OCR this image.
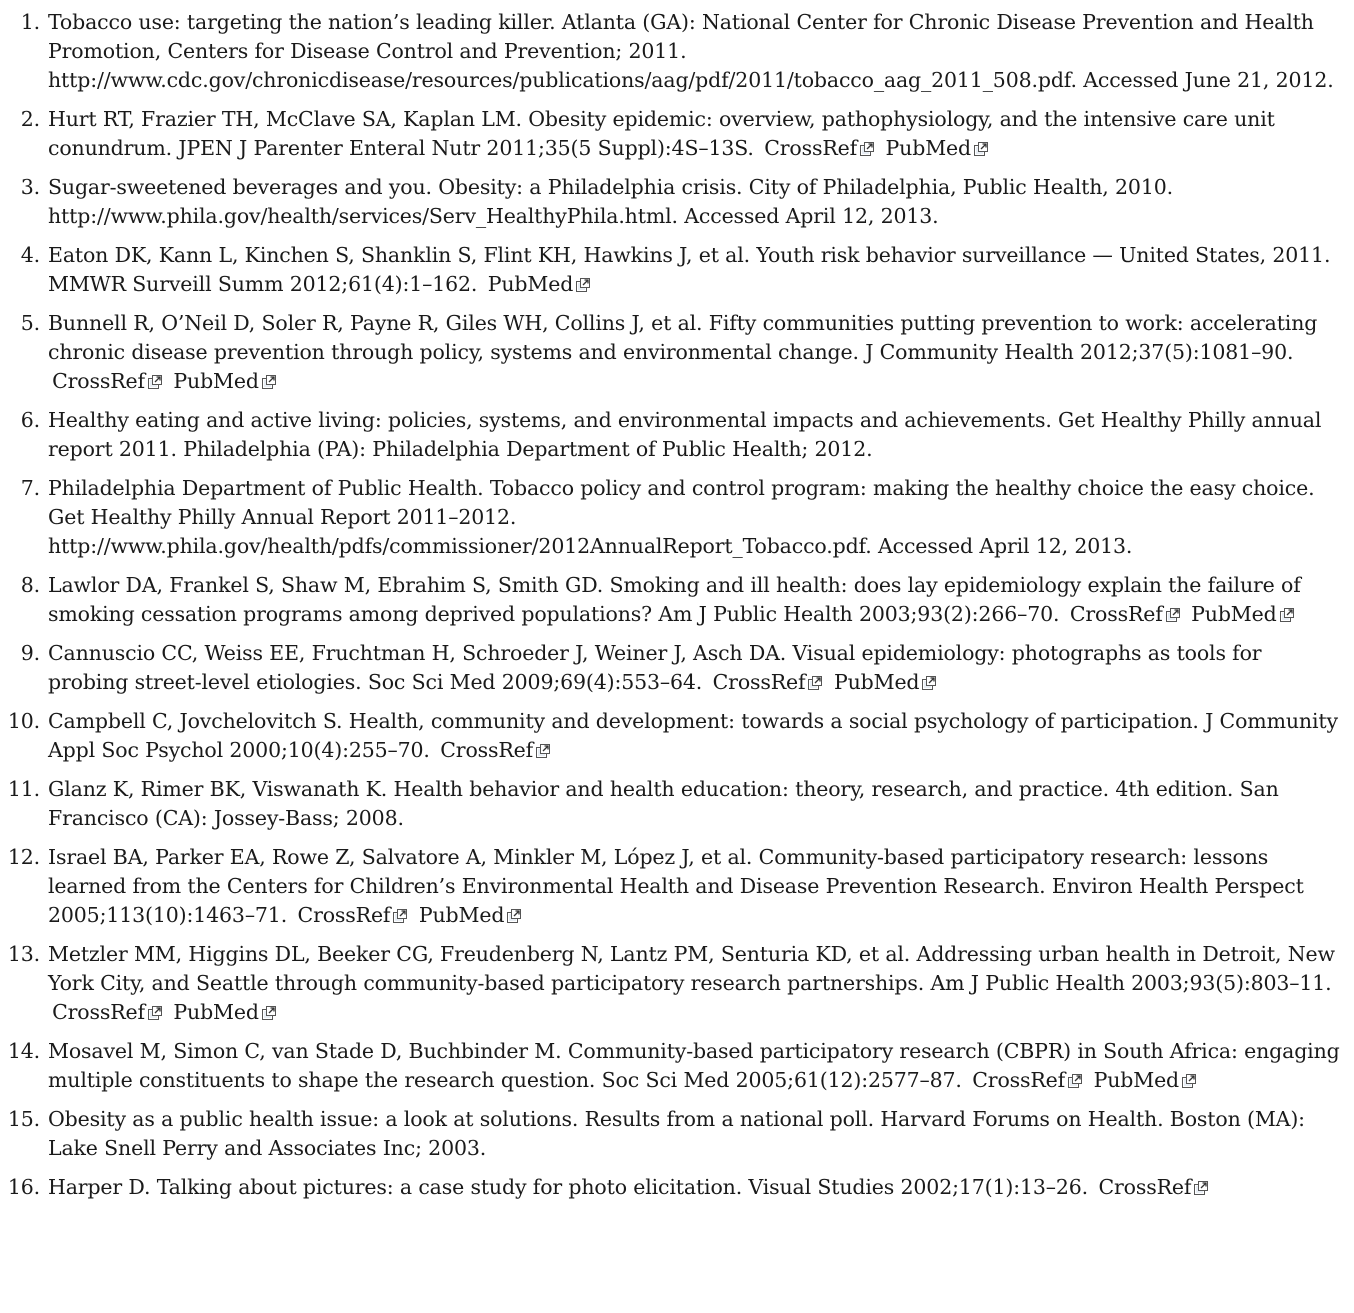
1. Tobacco use: targeting the nation’s leading killer. Atlanta (GA): National Center for Chronic Disease Prevention and Health Promotion, Centers for Disease Control and Prevention; 2011. http://www.cdc.gov/chronicdisease/resources/publications/aag/pdf/2011/tobacco_aag_2011_508.pdf. Accessed June 21, 2012.
2. Hurt RT, Frazier TH, McClave SA, Kaplan LM. Obesity epidemic: overview, pathophysiology, and the intensive care unit conundrum. JPEN J Parenter Enteral Nutr 2011;35(5 Suppl):4S–13S. CrossRef PubMed
3. Sugar-sweetened beverages and you. Obesity: a Philadelphia crisis. City of Philadelphia, Public Health, 2010. http://www.phila.gov/health/services/Serv_HealthyPhila.html. Accessed April 12, 2013.
4. Eaton DK, Kann L, Kinchen S, Shanklin S, Flint KH, Hawkins J, et al. Youth risk behavior surveillance — United States, 2011. MMWR Surveill Summ 2012;61(4):1–162. PubMed
5. Bunnell R, O’Neil D, Soler R, Payne R, Giles WH, Collins J, et al. Fifty communities putting prevention to work: accelerating chronic disease prevention through policy, systems and environmental change. J Community Health 2012;37(5):1081–90. CrossRef PubMed
6. Healthy eating and active living: policies, systems, and environmental impacts and achievements. Get Healthy Philly annual report 2011. Philadelphia (PA): Philadelphia Department of Public Health; 2012.
7. Philadelphia Department of Public Health. Tobacco policy and control program: making the healthy choice the easy choice. Get Healthy Philly Annual Report 2011–2012. http://www.phila.gov/health/pdfs/commissioner/2012AnnualReport_Tobacco.pdf. Accessed April 12, 2013.
8. Lawlor DA, Frankel S, Shaw M, Ebrahim S, Smith GD. Smoking and ill health: does lay epidemiology explain the failure of smoking cessation programs among deprived populations? Am J Public Health 2003;93(2):266–70. CrossRef PubMed
9. Cannuscio CC, Weiss EE, Fruchtman H, Schroeder J, Weiner J, Asch DA. Visual epidemiology: photographs as tools for probing street-level etiologies. Soc Sci Med 2009;69(4):553–64. CrossRef PubMed
10. Campbell C, Jovchelovitch S. Health, community and development: towards a social psychology of participation. J Community Appl Soc Psychol 2000;10(4):255–70. CrossRef
11. Glanz K, Rimer BK, Viswanath K. Health behavior and health education: theory, research, and practice. 4th edition. San Francisco (CA): Jossey-Bass; 2008.
12. Israel BA, Parker EA, Rowe Z, Salvatore A, Minkler M, López J, et al. Community-based participatory research: lessons learned from the Centers for Children’s Environmental Health and Disease Prevention Research. Environ Health Perspect 2005;113(10):1463–71. CrossRef PubMed
13. Metzler MM, Higgins DL, Beeker CG, Freudenberg N, Lantz PM, Senturia KD, et al. Addressing urban health in Detroit, New York City, and Seattle through community-based participatory research partnerships. Am J Public Health 2003;93(5):803–11. CrossRef PubMed
14. Mosavel M, Simon C, van Stade D, Buchbinder M. Community-based participatory research (CBPR) in South Africa: engaging multiple constituents to shape the research question. Soc Sci Med 2005;61(12):2577–87. CrossRef PubMed
15. Obesity as a public health issue: a look at solutions. Results from a national poll. Harvard Forums on Health. Boston (MA): Lake Snell Perry and Associates Inc; 2003.
16. Harper D. Talking about pictures: a case study for photo elicitation. Visual Studies 2002;17(1):13–26. CrossRef
